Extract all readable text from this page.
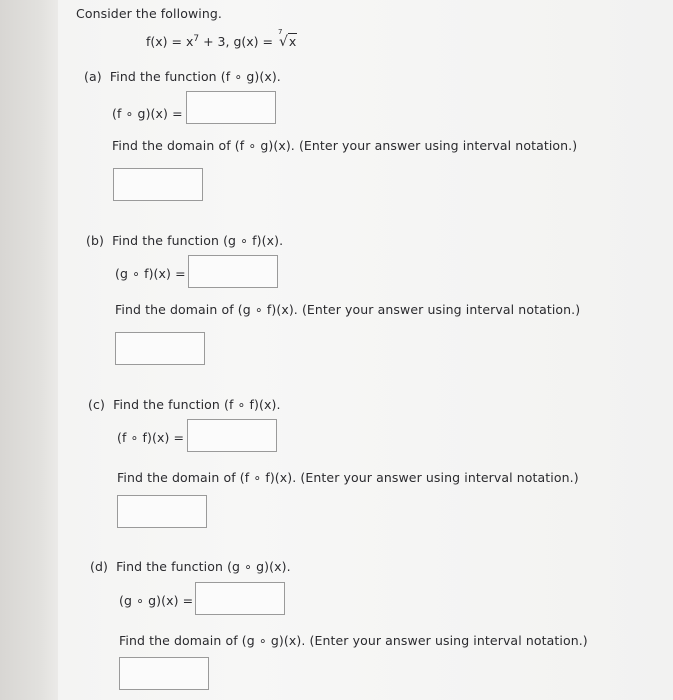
Consider the following.
$f(x) = x^7 + 3$, g(x) =
7
√x
(a) Find the function (f ∘ g)(x).
(f ∘ g)(x) =
Find the domain of (f ∘ g)(x). (Enter your answer using interval notation.)
(b) Find the function (g ∘ f)(x).
(g ∘ f)(x) =
Find the domain of (g ∘ f)(x). (Enter your answer using interval notation.)
(c) Find the function (f ∘ f)(x).
(f ∘ f)(x) =
Find the domain of (f ∘ f)(x). (Enter your answer using interval notation.)
(d) Find the function (g ∘ g)(x).
(g ∘ g)(x) =
Find the domain of (g ∘ g)(x). (Enter your answer using interval notation.)
